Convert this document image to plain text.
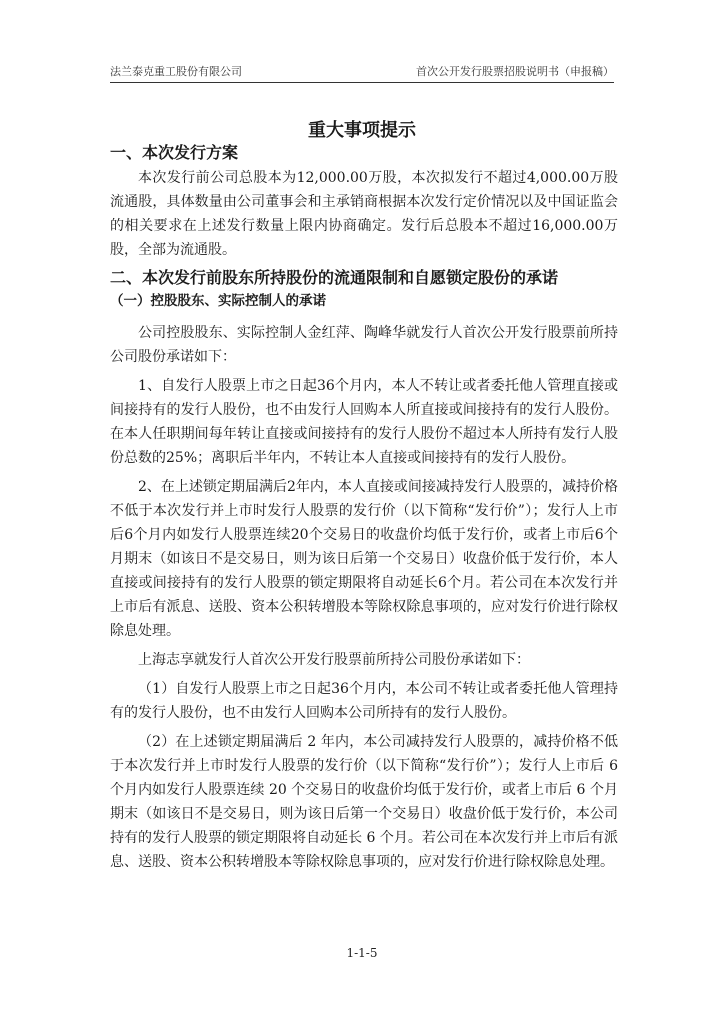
法兰泰克重工股份有限公司	首次公开发行股票招股说明书（申报稿）
重大事项提示

一、本次发行方案

本次发行前公司总股本为12,000.00万股，本次拟发行不超过4,000.00万股流通股，具体数量由公司董事会和主承销商根据本次发行定价情况以及中国证监会的相关要求在上述发行数量上限内协商确定。发行后总股本不超过16,000.00万股，全部为流通股。

二、本次发行前股东所持股份的流通限制和自愿锁定股份的承诺

（一）控股股东、实际控制人的承诺

公司控股股东、实际控制人金红萍、陶峰华就发行人首次公开发行股票前所持公司股份承诺如下：

1、自发行人股票上市之日起36个月内，本人不转让或者委托他人管理直接或间接持有的发行人股份，也不由发行人回购本人所直接或间接持有的发行人股份。在本人任职期间每年转让直接或间接持有的发行人股份不超过本人所持有发行人股份总数的25%；离职后半年内，不转让本人直接或间接持有的发行人股份。

2、在上述锁定期届满后2年内，本人直接或间接减持发行人股票的，减持价格不低于本次发行并上市时发行人股票的发行价（以下简称“发行价”）；发行人上市后6个月内如发行人股票连续20个交易日的收盘价均低于发行价，或者上市后6个月期末（如该日不是交易日，则为该日后第一个交易日）收盘价低于发行价，本人直接或间接持有的发行人股票的锁定期限将自动延长6个月。若公司在本次发行并上市后有派息、送股、资本公积转增股本等除权除息事项的，应对发行价进行除权除息处理。

上海志享就发行人首次公开发行股票前所持公司股份承诺如下：

（1）自发行人股票上市之日起36个月内，本公司不转让或者委托他人管理持有的发行人股份，也不由发行人回购本公司所持有的发行人股份。

（2）在上述锁定期届满后 2 年内，本公司减持发行人股票的，减持价格不低于本次发行并上市时发行人股票的发行价（以下简称“发行价”）；发行人上市后 6 个月内如发行人股票连续 20 个交易日的收盘价均低于发行价，或者上市后 6 个月期末（如该日不是交易日，则为该日后第一个交易日）收盘价低于发行价，本公司持有的发行人股票的锁定期限将自动延长 6 个月。若公司在本次发行并上市后有派息、送股、资本公积转增股本等除权除息事项的，应对发行价进行除权除息处理。

1-1-5
